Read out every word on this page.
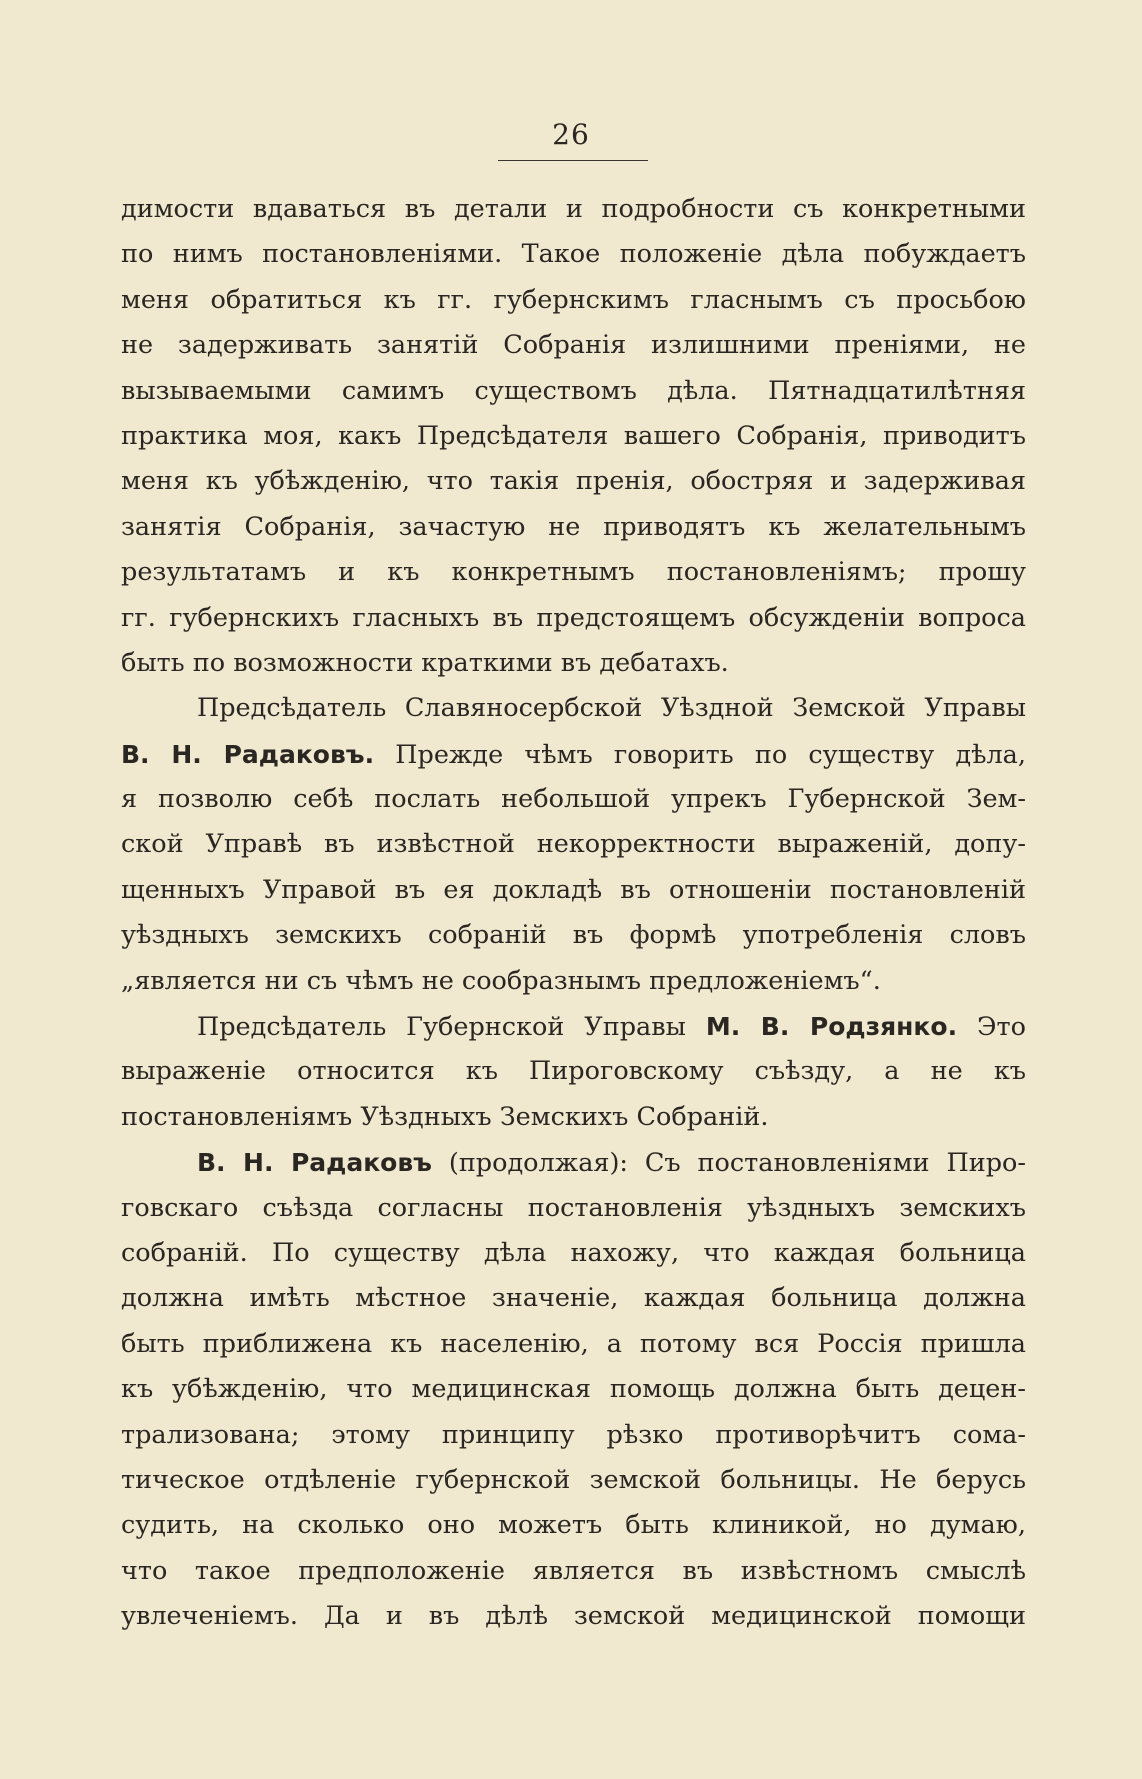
26
димости вдаваться въ детали и подробности съ конкретными
по нимъ постановленіями. Такое положеніе дѣла побуждаетъ
меня обратиться къ гг. губернскимъ гласнымъ съ просьбою
не задерживать занятій Собранія излишними преніями, не
вызываемыми самимъ существомъ дѣла. Пятнадцатилѣтняя
практика моя, какъ Предсѣдателя вашего Собранія, приводитъ
меня къ убѣжденію, что такія пренія, обостряя и задерживая
занятія Собранія, зачастую не приводятъ къ желательнымъ
результатамъ и къ конкретнымъ постановленіямъ; прошу
гг. губернскихъ гласныхъ въ предстоящемъ обсужденіи вопроса
быть по возможности краткими въ дебатахъ.
Предсѣдатель Славяносербской Уѣздной Земской Управы
В. Н. Радаковъ. Прежде чѣмъ говорить по существу дѣла,
я позволю себѣ послать небольшой упрекъ Губернской Зем-
ской Управѣ въ извѣстной некорректности выраженій, допу-
щенныхъ Управой въ ея докладѣ въ отношеніи постановленій
уѣздныхъ земскихъ собраній въ формѣ употребленія словъ
„является ни съ чѣмъ не сообразнымъ предложеніемъ“.
Предсѣдатель Губернской Управы М. В. Родзянко. Это
выраженіе относится къ Пироговскому съѣзду, а не къ
постановленіямъ Уѣздныхъ Земскихъ Собраній.
В. Н. Радаковъ (продолжая): Съ постановленіями Пиро-
говскаго съѣзда согласны постановленія уѣздныхъ земскихъ
собраній. По существу дѣла нахожу, что каждая больница
должна имѣть мѣстное значеніе, каждая больница должна
быть приближена къ населенію, а потому вся Россія пришла
къ убѣжденію, что медицинская помощь должна быть децен-
трализована; этому принципу рѣзко противорѣчитъ сома-
тическое отдѣленіе губернской земской больницы. Не берусь
судить, на сколько оно можетъ быть клиникой, но думаю,
что такое предположеніе является въ извѣстномъ смыслѣ
увлеченіемъ. Да и въ дѣлѣ земской медицинской помощи
